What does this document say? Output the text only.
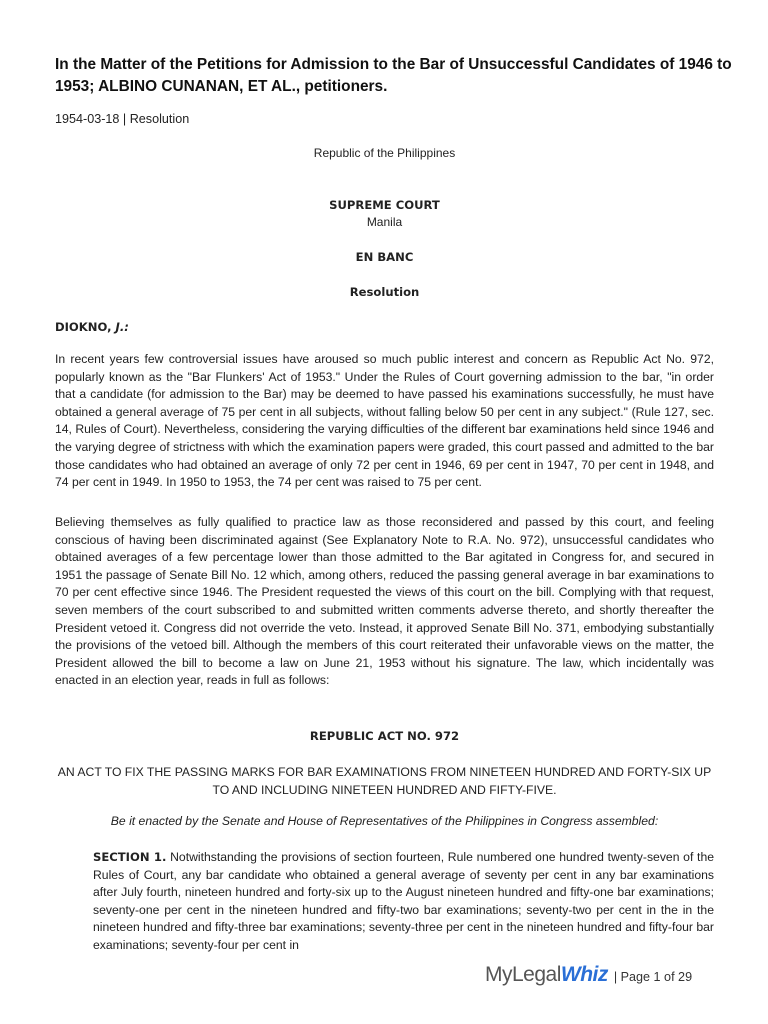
In the Matter of the Petitions for Admission to the Bar of Unsuccessful Candidates of 1946 to 1953; ALBINO CUNANAN, ET AL., petitioners.
1954-03-18 | Resolution
Republic of the Philippines
SUPREME COURT
Manila
EN BANC
Resolution
DIOKNO, J.:
In recent years few controversial issues have aroused so much public interest and concern as Republic Act No. 972, popularly known as the "Bar Flunkers' Act of 1953." Under the Rules of Court governing admission to the bar, "in order that a candidate (for admission to the Bar) may be deemed to have passed his examinations successfully, he must have obtained a general average of 75 per cent in all subjects, without falling below 50 per cent in any subject." (Rule 127, sec. 14, Rules of Court). Nevertheless, considering the varying difficulties of the different bar examinations held since 1946 and the varying degree of strictness with which the examination papers were graded, this court passed and admitted to the bar those candidates who had obtained an average of only 72 per cent in 1946, 69 per cent in 1947, 70 per cent in 1948, and 74 per cent in 1949. In 1950 to 1953, the 74 per cent was raised to 75 per cent.
Believing themselves as fully qualified to practice law as those reconsidered and passed by this court, and feeling conscious of having been discriminated against (See Explanatory Note to R.A. No. 972), unsuccessful candidates who obtained averages of a few percentage lower than those admitted to the Bar agitated in Congress for, and secured in 1951 the passage of Senate Bill No. 12 which, among others, reduced the passing general average in bar examinations to 70 per cent effective since 1946. The President requested the views of this court on the bill. Complying with that request, seven members of the court subscribed to and submitted written comments adverse thereto, and shortly thereafter the President vetoed it. Congress did not override the veto. Instead, it approved Senate Bill No. 371, embodying substantially the provisions of the vetoed bill. Although the members of this court reiterated their unfavorable views on the matter, the President allowed the bill to become a law on June 21, 1953 without his signature. The law, which incidentally was enacted in an election year, reads in full as follows:
REPUBLIC ACT NO. 972
AN ACT TO FIX THE PASSING MARKS FOR BAR EXAMINATIONS FROM NINETEEN HUNDRED AND FORTY-SIX UP TO AND INCLUDING NINETEEN HUNDRED AND FIFTY-FIVE.
Be it enacted by the Senate and House of Representatives of the Philippines in Congress assembled:
SECTION 1. Notwithstanding the provisions of section fourteen, Rule numbered one hundred twenty-seven of the Rules of Court, any bar candidate who obtained a general average of seventy per cent in any bar examinations after July fourth, nineteen hundred and forty-six up to the August nineteen hundred and fifty-one bar examinations; seventy-one per cent in the nineteen hundred and fifty-two bar examinations; seventy-two per cent in the in the nineteen hundred and fifty-three bar examinations; seventy-three per cent in the nineteen hundred and fifty-four bar examinations; seventy-four per cent in
MyLegalWhiz | Page 1 of 29
